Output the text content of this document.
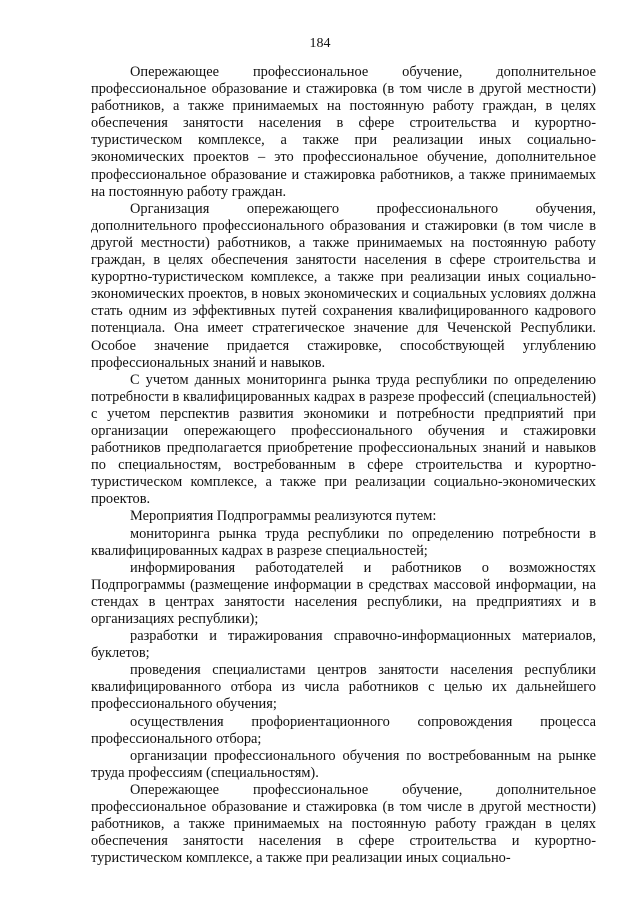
184

Опережающее профессиональное обучение, дополнительное профессиональное образование и стажировка (в том числе в другой местности) работников, а также принимаемых на постоянную работу граждан, в целях обеспечения занятости населения в сфере строительства и курортно-туристическом комплексе, а также при реализации иных социально-экономических проектов – это профессиональное обучение, дополнительное профессиональное образование и стажировка работников, а также принимаемых на постоянную работу граждан.

Организация опережающего профессионального обучения, дополнительного профессионального образования и стажировки (в том числе в другой местности) работников, а также принимаемых на постоянную работу граждан, в целях обеспечения занятости населения в сфере строительства и курортно-туристическом комплексе, а также при реализации иных социально-экономических проектов, в новых экономических и социальных условиях должна стать одним из эффективных путей сохранения квалифицированного кадрового потенциала. Она имеет стратегическое значение для Чеченской Республики. Особое значение придается стажировке, способствующей углублению профессиональных знаний и навыков.

С учетом данных мониторинга рынка труда республики по определению потребности в квалифицированных кадрах в разрезе профессий (специальностей) с учетом перспектив развития экономики и потребности предприятий при организации опережающего профессионального обучения и стажировки работников предполагается приобретение профессиональных знаний и навыков по специальностям, востребованным в сфере строительства и курортно-туристическом комплексе, а также при реализации социально-экономических проектов.

Мероприятия Подпрограммы реализуются путем:

мониторинга рынка труда республики по определению потребности в квалифицированных кадрах в разрезе специальностей;

информирования работодателей и работников о возможностях Подпрограммы (размещение информации в средствах массовой информации, на стендах в центрах занятости населения республики, на предприятиях и в организациях республики);

разработки и тиражирования справочно-информационных материалов, буклетов;

проведения специалистами центров занятости населения республики квалифицированного отбора из числа работников с целью их дальнейшего профессионального обучения;

осуществления профориентационного сопровождения процесса профессионального отбора;

организации профессионального обучения по востребованным на рынке труда профессиям (специальностям).

Опережающее профессиональное обучение, дополнительное профессиональное образование и стажировка (в том числе в другой местности) работников, а также принимаемых на постоянную работу граждан в целях обеспечения занятости населения в сфере строительства и курортно-туристическом комплексе, а также при реализации иных социально-
